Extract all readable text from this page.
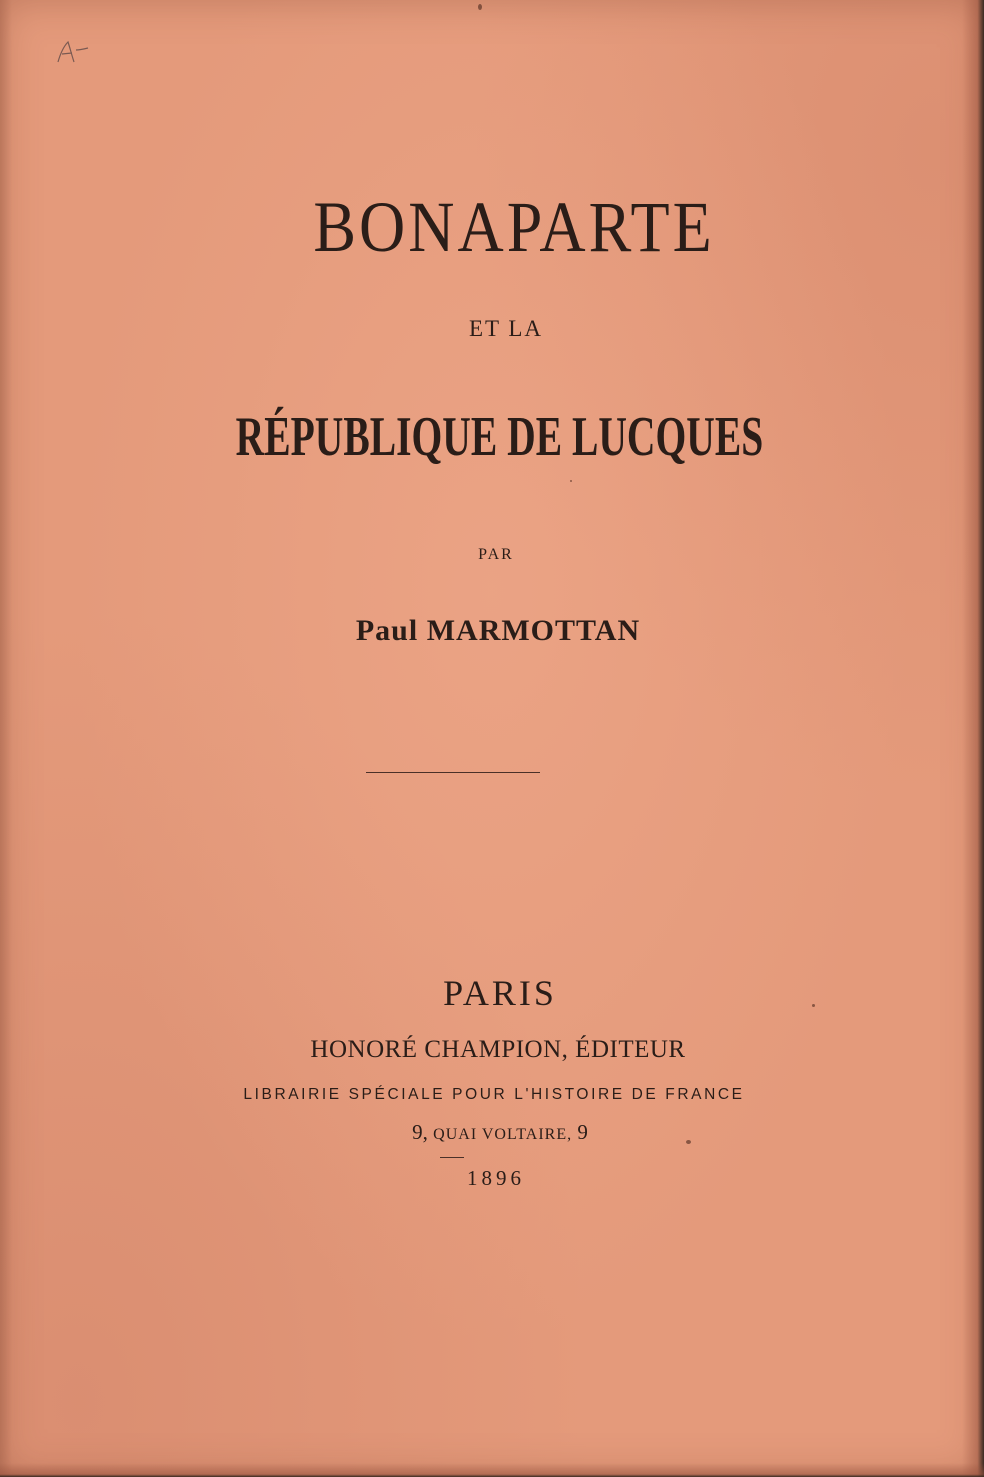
BONAPARTE
ET LA
RÉPUBLIQUE DE LUCQUES
PAR
Paul MARMOTTAN
PARIS
HONORÉ CHAMPION, ÉDITEUR
LIBRAIRIE SPÉCIALE POUR L'HISTOIRE DE FRANCE
9, QUAI VOLTAIRE, 9
1896
